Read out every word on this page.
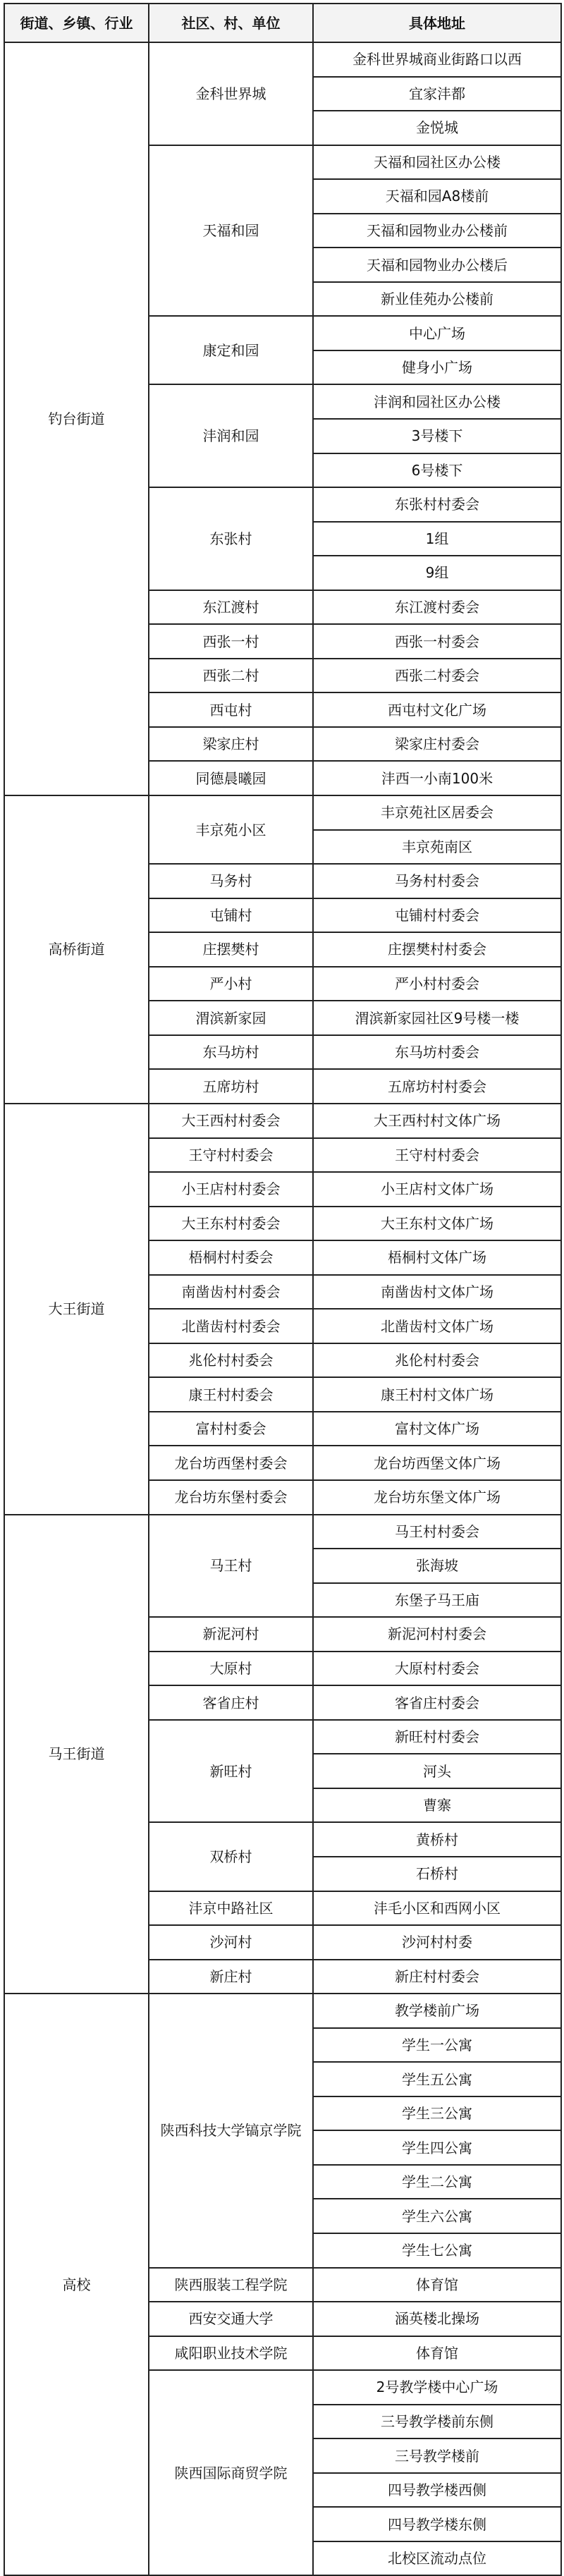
街道、乡镇、行业	社区、村、单位	具体地址
钓台街道	金科世界城	金科世界城商业街路口以西
		宜家沣都
		金悦城
	天福和园	天福和园社区办公楼
		天福和园A8楼前
		天福和园物业办公楼前
		天福和园物业办公楼后
		新业佳苑办公楼前
	康定和园	中心广场
		健身小广场
	沣润和园	沣润和园社区办公楼
		3号楼下
		6号楼下
	东张村	东张村村委会
		1组
		9组
	东江渡村	东江渡村委会
	西张一村	西张一村委会
	西张二村	西张二村委会
	西屯村	西屯村文化广场
	梁家庄村	梁家庄村委会
	同德晨曦园	沣西一小南100米
高桥街道	丰京苑小区	丰京苑社区居委会
		丰京苑南区
	马务村	马务村村委会
	屯铺村	屯铺村村委会
	庄摆樊村	庄摆樊村村委会
	严小村	严小村村委会
	渭滨新家园	渭滨新家园社区9号楼一楼
	东马坊村	东马坊村委会
	五席坊村	五席坊村村委会
大王街道	大王西村村委会	大王西村村文体广场
	王守村村委会	王守村村委会
	小王店村村委会	小王店村文体广场
	大王东村村委会	大王东村文体广场
	梧桐村村委会	梧桐村文体广场
	南凿齿村村委会	南凿齿村文体广场
	北凿齿村村委会	北凿齿村文体广场
	兆伦村村委会	兆伦村村委会
	康王村村委会	康王村村文体广场
	富村村委会	富村文体广场
	龙台坊西堡村委会	龙台坊西堡文体广场
	龙台坊东堡村委会	龙台坊东堡文体广场
马王街道	马王村	马王村村委会
		张海坡
		东堡子马王庙
	新泥河村	新泥河村村委会
	大原村	大原村村委会
	客省庄村	客省庄村委会
	新旺村	新旺村村委会
		河头
		曹寨
	双桥村	黄桥村
		石桥村
	沣京中路社区	沣毛小区和西网小区
	沙河村	沙河村村委
	新庄村	新庄村村委会
高校	陕西科技大学镐京学院	教学楼前广场
		学生一公寓
		学生五公寓
		学生三公寓
		学生四公寓
		学生二公寓
		学生六公寓
		学生七公寓
	陕西服装工程学院	体育馆
	西安交通大学	涵英楼北操场
	咸阳职业技术学院	体育馆
	陕西国际商贸学院	2号教学楼中心广场
		三号教学楼前东侧
		三号教学楼前
		四号教学楼西侧
		四号教学楼东侧
		北校区流动点位
